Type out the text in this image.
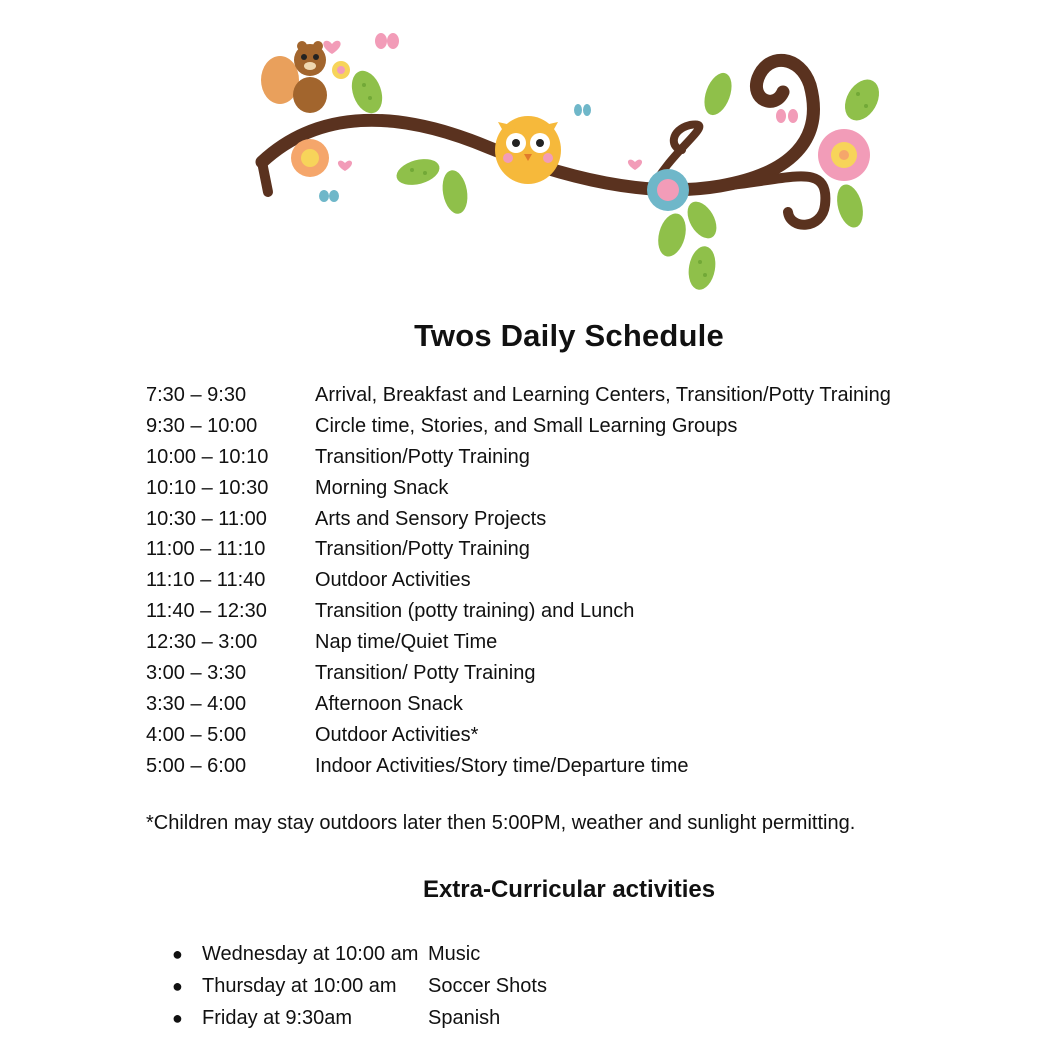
Twos Daily Schedule
7:30 – 9:30	Arrival, Breakfast and Learning Centers, Transition/Potty Training
9:30 – 10:00	Circle time, Stories, and Small Learning Groups
10:00 – 10:10 Transition/Potty Training
10:10 – 10:30 Morning Snack
10:30 – 11:00 Arts and Sensory Projects
11:00 – 11:10 Transition/Potty Training
11:10 – 11:40 Outdoor Activities
11:40 – 12:30 Transition (potty training) and Lunch
12:30 – 3:00	Nap time/Quiet Time
3:00 – 3:30	Transition/ Potty Training
3:30 – 4:00	Afternoon Snack
4:00 – 5:00	Outdoor Activities*
5:00 – 6:00	Indoor Activities/Story time/Departure time
*Children may stay outdoors later then 5:00PM, weather and sunlight permitting.
Extra-Curricular activities
● Wednesday at 10:00 am Music
● Thursday at 10:00 am Soccer Shots
● Friday at 9:30am	Spanish
